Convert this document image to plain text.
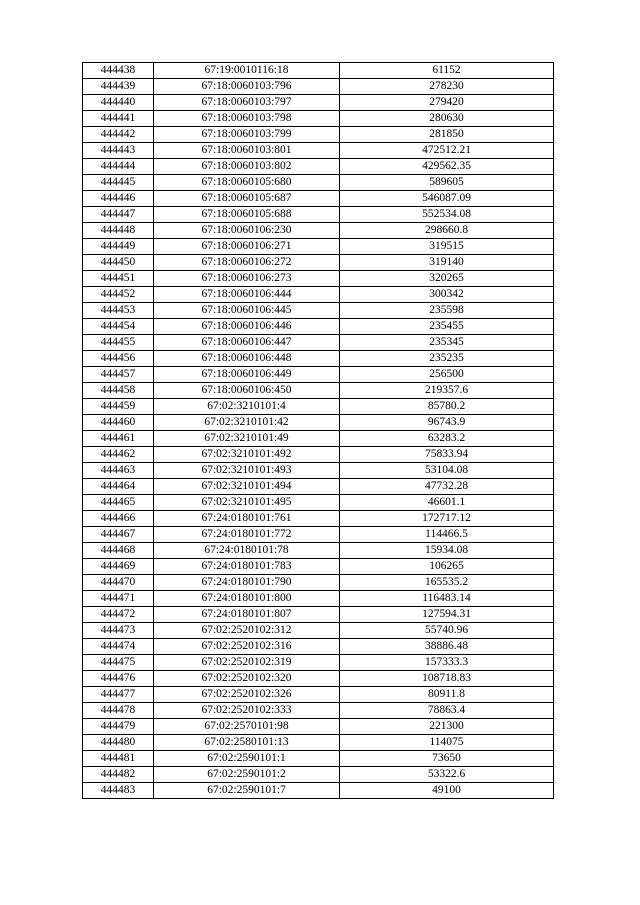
444438	67:19:0010116:18	61152
444439	67:18:0060103:796	278230
444440	67:18:0060103:797	279420
444441	67:18:0060103:798	280630
444442	67:18:0060103:799	281850
444443	67:18:0060103:801	472512.21
444444	67:18:0060103:802	429562.35
444445	67:18:0060105:680	589605
444446	67:18:0060105:687	546087.09
444447	67:18:0060105:688	552534.08
444448	67:18:0060106:230	298660.8
444449	67:18:0060106:271	319515
444450	67:18:0060106:272	319140
444451	67:18:0060106:273	320265
444452	67:18:0060106:444	300342
444453	67:18:0060106:445	235598
444454	67:18:0060106:446	235455
444455	67:18:0060106:447	235345
444456	67:18:0060106:448	235235
444457	67:18:0060106:449	256500
444458	67:18:0060106:450	219357.6
444459	67:02:3210101:4	85780.2
444460	67:02:3210101:42	96743.9
444461	67:02:3210101:49	63283.2
444462	67:02:3210101:492	75833.94
444463	67:02:3210101:493	53104.08
444464	67:02:3210101:494	47732.28
444465	67:02:3210101:495	46601.1
444466	67:24:0180101:761	172717.12
444467	67:24:0180101:772	114466.5
444468	67:24:0180101:78	15934.08
444469	67:24:0180101:783	106265
444470	67:24:0180101:790	165535.2
444471	67:24:0180101:800	116483.14
444472	67:24:0180101:807	127594.31
444473	67:02:2520102:312	55740.96
444474	67:02:2520102:316	38886.48
444475	67:02:2520102:319	157333.3
444476	67:02:2520102:320	108718.83
444477	67:02:2520102:326	80911.8
444478	67:02:2520102:333	78863.4
444479	67:02:2570101:98	221300
444480	67:02:2580101:13	114075
444481	67:02:2590101:1	73650
444482	67:02:2590101:2	53322.6
444483	67:02:2590101:7	49100
